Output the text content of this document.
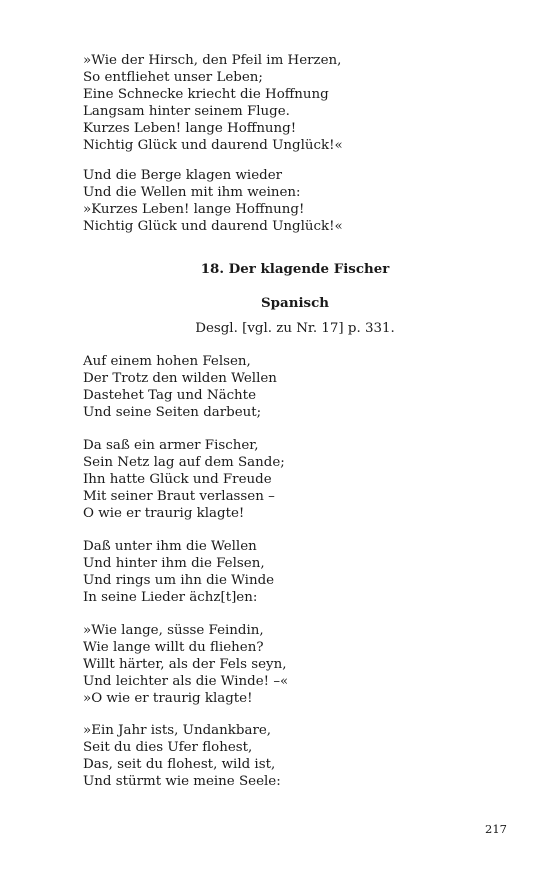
»Wie der Hirsch, den Pfeil im Herzen,
So entfliehet unser Leben;
Eine Schnecke kriecht die Hoffnung
Langsam hinter seinem Fluge.
Kurzes Leben! lange Hoffnung!
Nichtig Glück und daurend Unglück!«
Und die Berge klagen wieder
Und die Wellen mit ihm weinen:
»Kurzes Leben! lange Hoffnung!
Nichtig Glück und daurend Unglück!«
18. Der klagende Fischer
Spanisch
Desgl. [vgl. zu Nr. 17] p. 331.
Auf einem hohen Felsen,
Der Trotz den wilden Wellen
Dastehet Tag und Nächte
Und seine Seiten darbeut;
Da saß ein armer Fischer,
Sein Netz lag auf dem Sande;
Ihn hatte Glück und Freude
Mit seiner Braut verlassen –
O wie er traurig klagte!
Daß unter ihm die Wellen
Und hinter ihm die Felsen,
Und rings um ihn die Winde
In seine Lieder ächz[t]en:
»Wie lange, süsse Feindin,
Wie lange willt du fliehen?
Willt härter, als der Fels seyn,
Und leichter als die Winde! –«
»O wie er traurig klagte!
»Ein Jahr ists, Undankbare,
Seit du dies Ufer flohest,
Das, seit du flohest, wild ist,
Und stürmt wie meine Seele:
217
